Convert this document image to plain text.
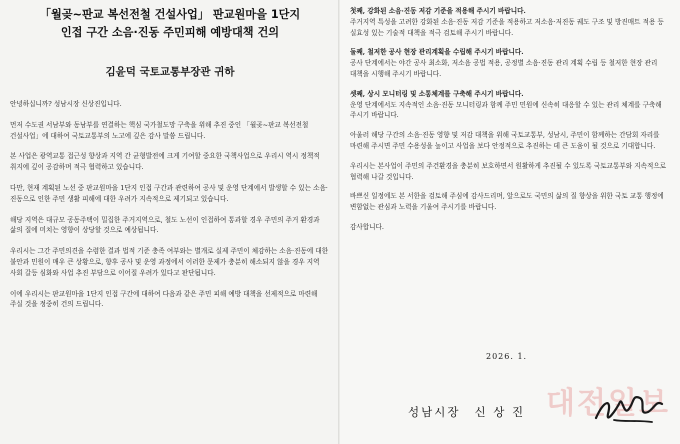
「월곶~판교 복선전철 건설사업」 판교원마을 1단지
인접 구간 소음·진동 주민피해 예방대책 건의
김윤덕 국토교통부장관 귀하

안녕하십니까? 성남시장 신상진입니다.

먼저 수도권 서남부와 동남부를 연결하는 핵심 국가철도망 구축을 위해 추진 중인 「월곶~판교 복선전철 건설사업」에 대하여 국토교통부의 노고에 깊은 감사 말씀 드립니다.

본 사업은 광역교통 접근성 향상과 지역 간 균형발전에 크게 기여할 중요한 국책사업으로 우리시 역시 정책적 취지에 깊이 공감하며 적극 협력하고 있습니다.

다만, 현재 계획된 노선 중 판교원마을 1단지 인접 구간과 관련하여 공사 및 운영 단계에서 발생할 수 있는 소음·진동으로 인한 주민 생활 피해에 대한 우려가 지속적으로 제기되고 있습니다.

해당 지역은 대규모 공동주택이 밀집한 주거지역으로, 철도 노선이 인접하여 통과할 경우 주민의 주거 환경과 삶의 질에 미치는 영향이 상당할 것으로 예상됩니다.

우리시는 그간 주민의견을 수렴한 결과 법적 기준 충족 여부와는 별개로 실제 주민이 체감하는 소음·진동에 대한 불안과 민원이 매우 큰 상황으로, 향후 공사 및 운영 과정에서 이러한 문제가 충분히 해소되지 않을 경우 지역 사회 갈등 심화와 사업 추진 부담으로 이어질 우려가 있다고 판단됩니다.

이에 우리시는 판교원마을 1단지 인접 구간에 대하여 다음과 같은 주민 피해 예방 대책을 선제적으로 마련해 주실 것을 정중히 건의 드립니다.

첫째, 강화된 소음·진동 저감 기준을 적용해 주시기 바랍니다.
주거지역 특성을 고려한 강화된 소음·진동 저감 기준을 적용하고 저소음·저진동 궤도 구조 및 방진매트 적용 등 실효성 있는 기술적 대책을 적극 검토해 주시기 바랍니다.

둘째, 철저한 공사 현장 관리계획을 수립해 주시기 바랍니다.
공사 단계에서는 야간 공사 최소화, 저소음 공법 적용, 공정별 소음·진동 관리 계획 수립 등 철저한 현장 관리 대책을 시행해 주시기 바랍니다.

셋째, 상시 모니터링 및 소통체계를 구축해 주시기 바랍니다.
운영 단계에서도 지속적인 소음·진동 모니터링과 함께 주민 민원에 신속히 대응할 수 있는 관리 체계를 구축해 주시기 바랍니다.

아울러 해당 구간의 소음·진동 영향 및 저감 대책을 위해 국토교통부, 성남시, 주민이 함께하는 간담회 자리를 마련해 주시면 주민 수용성을 높이고 사업을 보다 안정적으로 추진하는 데 큰 도움이 될 것으로 기대합니다.

우리시는 본사업이 주민의 주건환경을 충분히 보호하면서 원활하게 추진될 수 있도록 국토교통부와 지속적으로 협력해 나갈 것입니다.

바쁘신 일정에도 본 서한을 검토해 주심에 감사드리며, 앞으로도 국민의 삶의 질 향상을 위한 국토 교통 행정에 변함없는 관심과 노력을 기울여 주시기를 바랍니다.

감사합니다.

2026. 1.
대전일보
성남시장 신 상 진
